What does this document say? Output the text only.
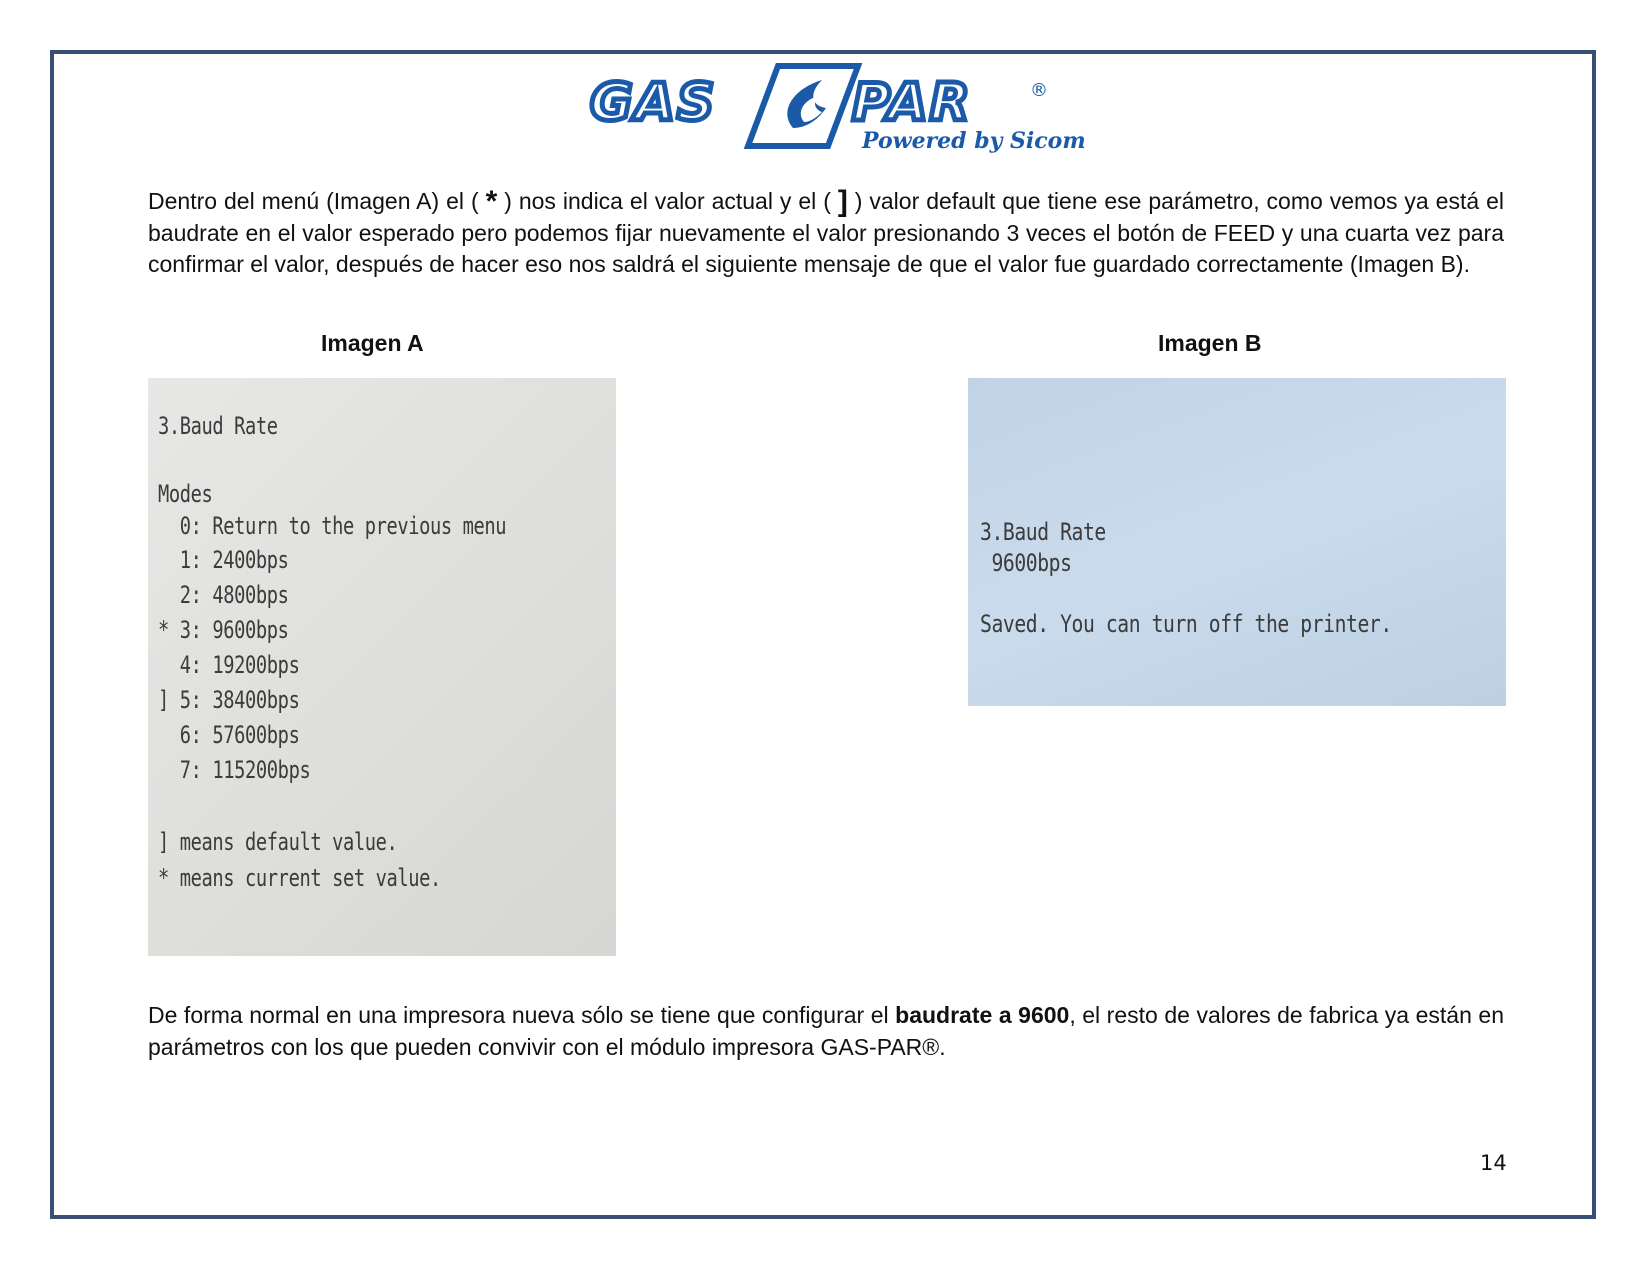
GAS	PAR	®
Powered by Sicom

Dentro del menú (Imagen A) el ( * ) nos indica el valor actual y el ( ] ) valor default que tiene ese parámetro, como vemos ya está el baudrate en el valor esperado pero podemos fijar nuevamente el valor presionando 3 veces el botón de FEED y una cuarta vez para confirmar el valor, después de hacer eso nos saldrá el siguiente mensaje de que el valor fue guardado correctamente (Imagen B).

Imagen A	Imagen B
3.Baud Rate
Modes
0: Return to the previous menu
1: 2400bps
2: 4800bps
* 3: 9600bps
4: 19200bps
] 5: 38400bps
6: 57600bps
7: 115200bps
] means default value.
* means current set value.
3.Baud Rate
9600bps
Saved. You can turn off the printer.

De forma normal en una impresora nueva sólo se tiene que configurar el baudrate a 9600, el resto de valores de fabrica ya están en parámetros con los que pueden convivir con el módulo impresora GAS-PAR®.

14
